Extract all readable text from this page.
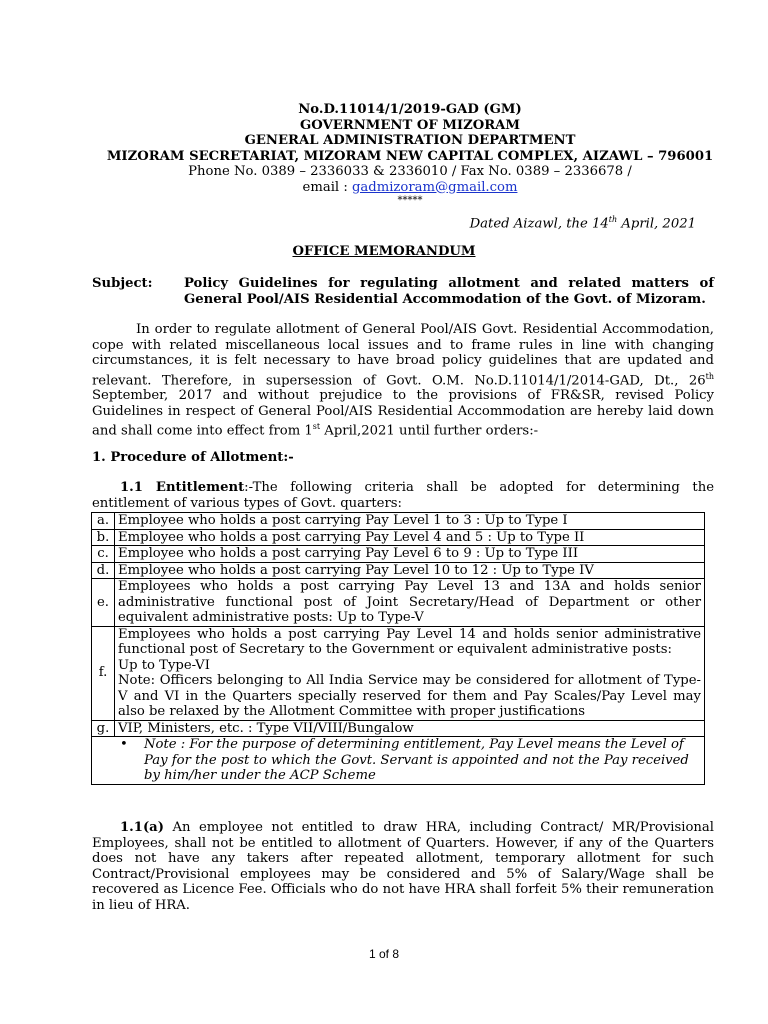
No.D.11014/1/2019-GAD (GM)
GOVERNMENT OF MIZORAM
GENERAL ADMINISTRATION DEPARTMENT
MIZORAM SECRETARIAT, MIZORAM NEW CAPITAL COMPLEX, AIZAWL – 796001
Phone No. 0389 – 2336033 & 2336010 / Fax No. 0389 – 2336678 /
email : gadmizoram@gmail.com
*****
Dated Aizawl, the 14th April, 2021
OFFICE MEMORANDUM
Subject: Policy Guidelines for regulating allotment and related matters of General Pool/AIS Residential Accommodation of the Govt. of Mizoram.
In order to regulate allotment of General Pool/AIS Govt. Residential Accommodation, cope with related miscellaneous local issues and to frame rules in line with changing circumstances, it is felt necessary to have broad policy guidelines that are updated and relevant. Therefore, in supersession of Govt. O.M. No.D.11014/1/2014-GAD, Dt., 26th September, 2017 and without prejudice to the provisions of FR&SR, revised Policy Guidelines in respect of General Pool/AIS Residential Accommodation are hereby laid down and shall come into effect from 1st April,2021 until further orders:-
1. Procedure of Allotment:-
1.1 Entitlement:-The following criteria shall be adopted for determining the entitlement of various types of Govt. quarters:
a.	Employee who holds a post carrying Pay Level 1 to 3 : Up to Type I

b.	Employee who holds a post carrying Pay Level 4 and 5 : Up to Type II

c.	Employee who holds a post carrying Pay Level 6 to 9 : Up to Type III

d.	Employee who holds a post carrying Pay Level 10 to 12 : Up to Type IV

e.	Employees who holds a post carrying Pay Level 13 and 13A and holds senior administrative functional post of Joint Secretary/Head of Department or other equivalent administrative posts: Up to Type-V

f.	Employees who holds a post carrying Pay Level 14 and holds senior administrative functional post of Secretary to the Government or equivalent administrative posts:
Up to Type-VI
Note: Officers belonging to All India Service may be considered for allotment of Type-V and VI in the Quarters specially reserved for them and Pay Scales/Pay Level may also be relaxed by the Allotment Committee with proper justifications

g.	VIP, Ministers, etc. : Type VII/VIII/Bungalow

• Note : For the purpose of determining entitlement, Pay Level means the Level of Pay for the post to which the Govt. Servant is appointed and not the Pay received by him/her under the ACP Scheme	
1.1(a) An employee not entitled to draw HRA, including Contract/ MR/Provisional Employees, shall not be entitled to allotment of Quarters. However, if any of the Quarters does not have any takers after repeated allotment, temporary allotment for such Contract/Provisional employees may be considered and 5% of Salary/Wage shall be recovered as Licence Fee. Officials who do not have HRA shall forfeit 5% their remuneration in lieu of HRA.
1 of 8
